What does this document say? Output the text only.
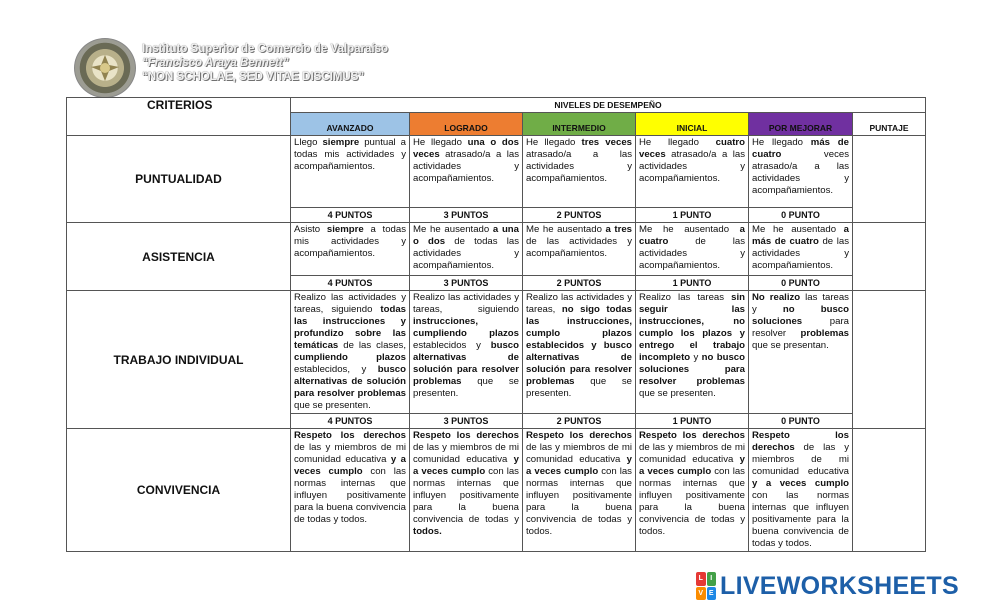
Instituto Superior de Comercio de Valparaíso
“Francisco Araya Bennett”
“NON SCHOLAE, SED VITAE DISCIMUS”
CRITERIOS	NIVELES DE DESEMPEÑO					
	AVANZADO	LOGRADO	INTERMEDIO	INICIAL	POR MEJORAR	PUNTAJE
PUNTUALIDAD	Llego siempre puntual a todas mis actividades y acompañamientos.	He llegado una o dos veces atrasado/a a las actividades y acompañamientos.	He llegado tres veces atrasado/a a las actividades y acompañamientos.	He llegado cuatro veces atrasado/a a las actividades y acompañamientos.	He llegado más de cuatro veces atrasado/a a las actividades y acompañamientos.	
	4 PUNTOS	3 PUNTOS	2 PUNTOS	1 PUNTO	0 PUNTO	
ASISTENCIA	Asisto siempre a todas mis actividades y acompañamientos.	Me he ausentado a una o dos de todas las actividades y acompañamientos.	Me he ausentado a tres de las actividades y acompañamientos.	Me he ausentado a cuatro de las actividades y acompañamientos.	Me he ausentado a más de cuatro de las actividades y acompañamientos.	
	4 PUNTOS	3 PUNTOS	2 PUNTOS	1 PUNTO	0 PUNTO	
TRABAJO INDIVIDUAL	Realizo las actividades y tareas, siguiendo todas las instrucciones y profundizo sobre las temáticas de las clases, cumpliendo plazos establecidos, y busco alternativas de solución para resolver problemas que se presenten.	Realizo las actividades y tareas, siguiendo instrucciones, cumpliendo plazos establecidos y busco alternativas de solución para resolver problemas que se presenten.	Realizo las actividades y tareas, no sigo todas las instrucciones, cumplo plazos establecidos y busco alternativas de solución para resolver problemas que se presenten.	Realizo las tareas sin seguir las instrucciones, no cumplo los plazos y entrego el trabajo incompleto y no busco soluciones para resolver problemas que se presenten.	No realizo las tareas y no busco soluciones para resolver problemas que se presentan.	
	4 PUNTOS	3 PUNTOS	2 PUNTOS	1 PUNTO	0 PUNTO	
CONVIVENCIA	Respeto los derechos de las y miembros de mi comunidad educativa y a veces cumplo con las normas internas que influyen positivamente para la buena convivencia de todas y todos.	Respeto los derechos de las y miembros de mi comunidad educativa y a veces cumplo con las normas internas que influyen positivamente para la buena convivencia de todas y todos.	Respeto los derechos de las y miembros de mi comunidad educativa y a veces cumplo con las normas internas que influyen positivamente para la buena convivencia de todas y todos.	Respeto los derechos de las y miembros de mi comunidad educativa y a veces cumplo con las normas internas que influyen positivamente para la buena convivencia de todas y todos.	Respeto los derechos de las y miembros de mi comunidad educativa y a veces cumplo con las normas internas que influyen positivamente para la buena convivencia de todas y todos.	
L	I
V E LIVEWORKSHEETS
